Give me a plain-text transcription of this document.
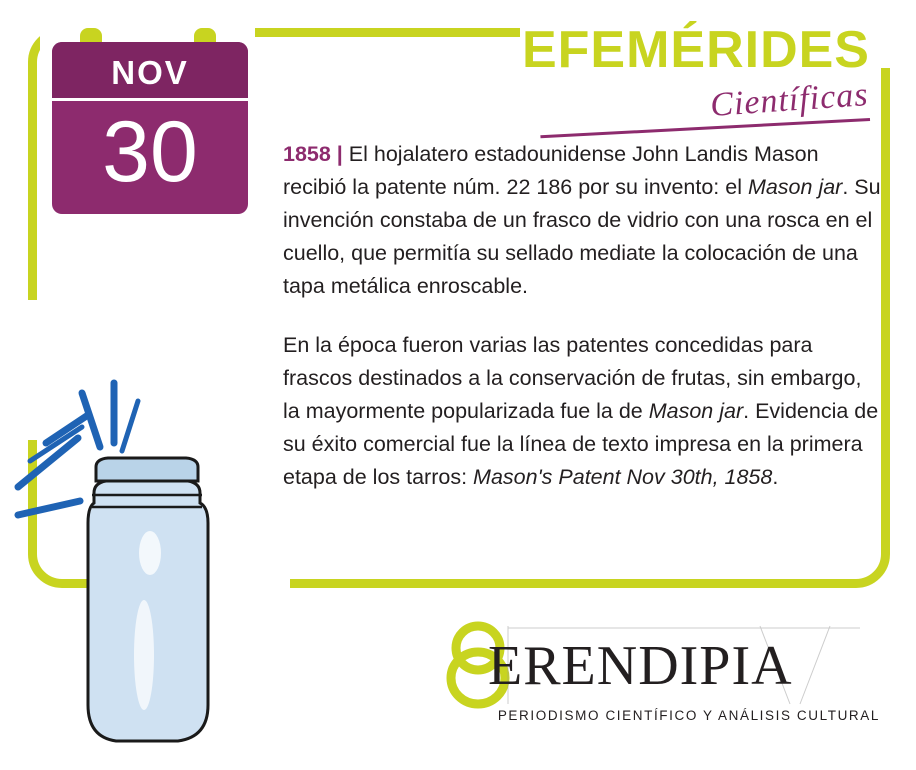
NOV
30
EFEMÉRIDES
Científicas

1858 | El hojalatero estadounidense John Landis Mason recibió la patente núm. 22 186 por su invento: el Mason jar. Su invención constaba de un frasco de vidrio con una rosca en el cuello, que permitía su sellado mediate la colocación de una tapa metálica enroscable.

En la época fueron varias las patentes concedidas para frascos destinados a la conservación de frutas, sin embargo, la mayormente popularizada fue la de Mason jar. Evidencia de su éxito comercial fue la línea de texto impresa en la primera etapa de los tarros: Mason's Patent Nov 30th, 1858.

ERENDIPIA
PERIODISMO CIENTÍFICO Y ANÁLISIS CULTURAL
